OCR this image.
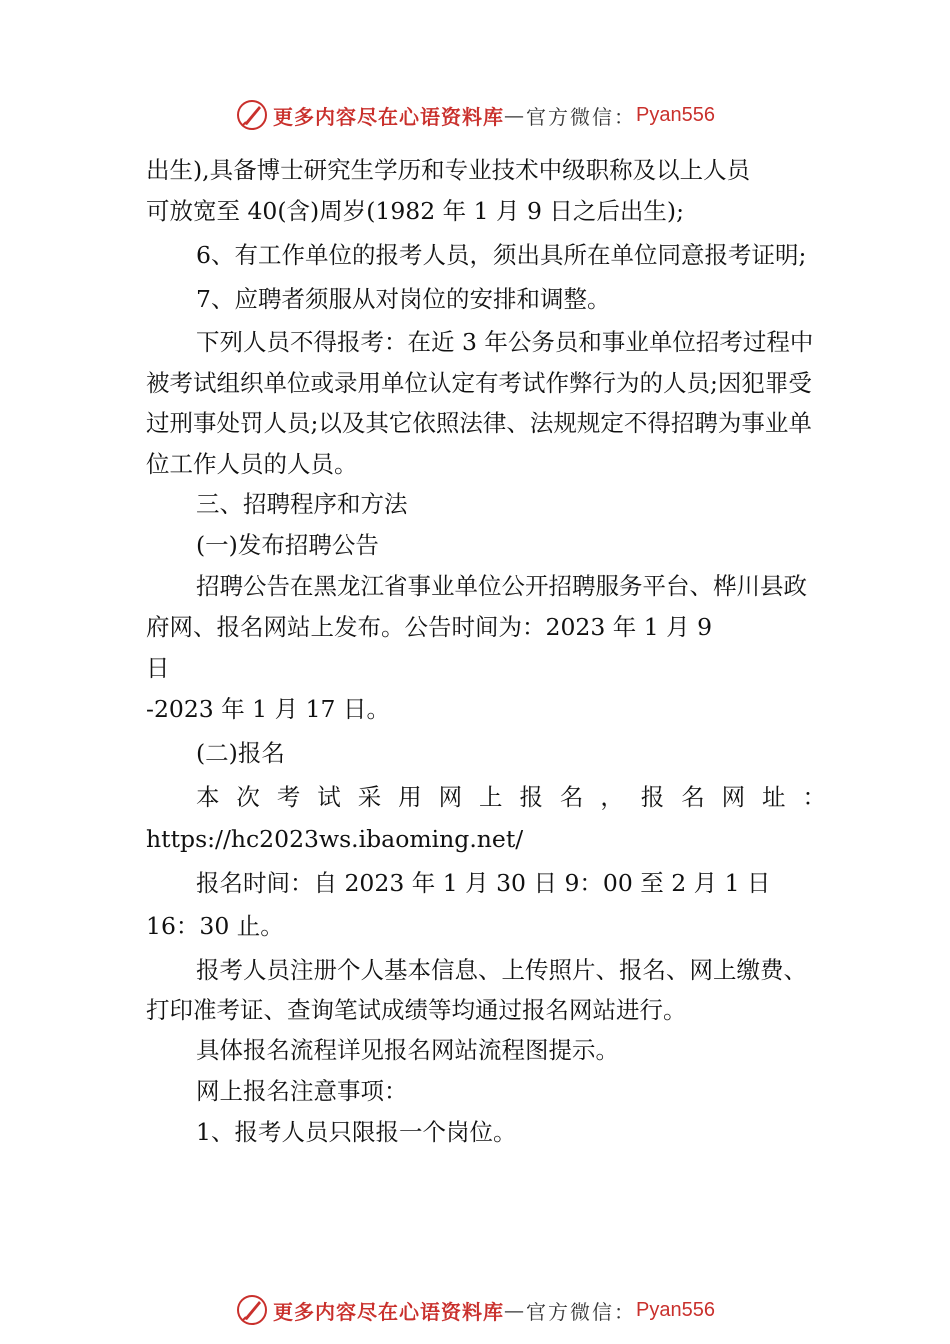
更多内容尽在心语资料库 — 官方微信： Pyan556

出生),具备博士研究生学历和专业技术中级职称及以上人员

可放宽至 40(含)周岁(1982 年 1 月 9 日之后出生);

6、有工作单位的报考人员，须出具所在单位同意报考证明;

7、应聘者须服从对岗位的安排和调整。

下列人员不得报考：在近 3 年公务员和事业单位招考过程中被考试组织单位或录用单位认定有考试作弊行为的人员;因犯罪受过刑事处罚人员;以及其它依照法律、法规规定不得招聘为事业单位工作人员的人员。

三、招聘程序和方法

(一)发布招聘公告

招聘公告在黑龙江省事业单位公开招聘服务平台、桦川县政府网、报名网站上发布。公告时间为：2023 年 1 月 9

日

-2023 年 1 月 17 日。

(二)报名

本 次 考 试 采 用 网 上 报 名 ， 报 名 网 址 ：

https://hc2023ws.ibaoming.net/

报名时间：自 2023 年 1 月 30 日 9：00 至 2 月 1 日 16：30 止。

报考人员注册个人基本信息、上传照片、报名、网上缴费、打印准考证、查询笔试成绩等均通过报名网站进行。

具体报名流程详见报名网站流程图提示。

网上报名注意事项：

1、报考人员只限报一个岗位。

更多内容尽在心语资料库 — 官方微信： Pyan556
